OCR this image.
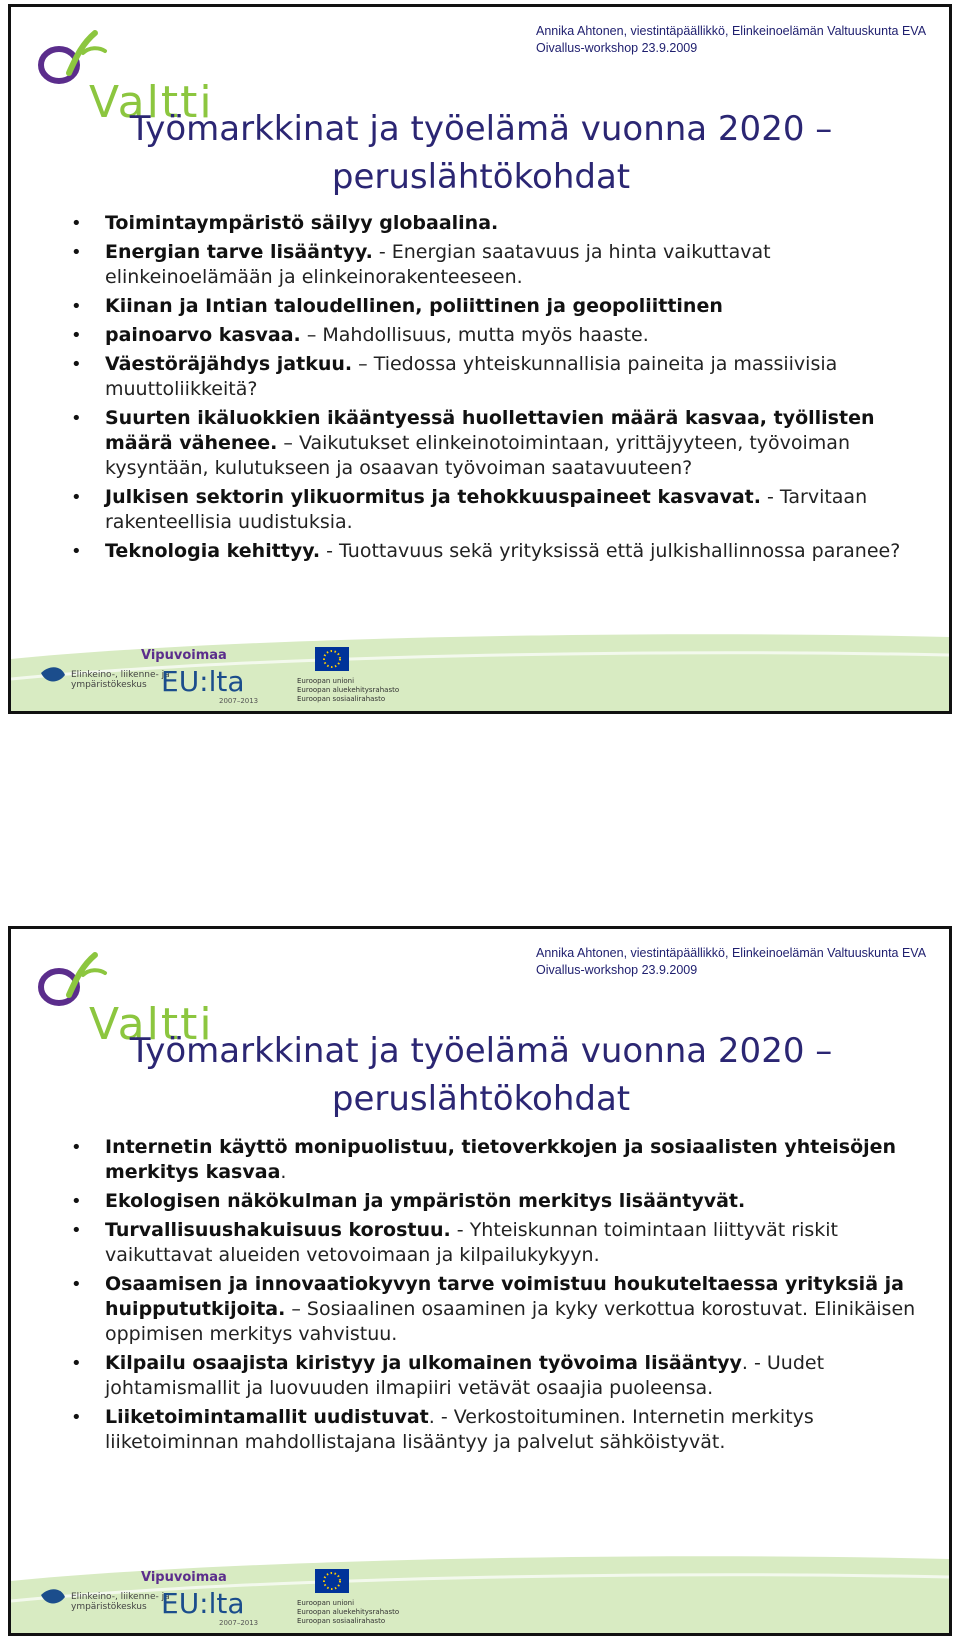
Annika Ahtonen, viestintäpäällikkö, Elinkeinoelämän Valtuuskunta EVA
Oivallus-workshop 23.9.2009
Valtti
Työmarkkinat ja työelämä vuonna 2020 –
peruslähtökohdat
• Toimintaympäristö säilyy globaalina.
• Energian tarve lisääntyy. - Energian saatavuus ja hinta vaikuttavat elinkeinoelämään ja elinkeinorakenteeseen.
• Kiinan ja Intian taloudellinen, poliittinen ja geopoliittinen
• painoarvo kasvaa. – Mahdollisuus, mutta myös haaste.
• Väestöräjähdys jatkuu. – Tiedossa yhteiskunnallisia paineita ja massiivisia muuttoliikkeitä?
• Suurten ikäluokkien ikääntyessä huollettavien määrä kasvaa, työllisten määrä vähenee. – Vaikutukset elinkeinotoimintaan, yrittäjyyteen, työvoiman kysyntään, kulutukseen ja osaavan työvoiman saatavuuteen?
• Julkisen sektorin ylikuormitus ja tehokkuuspaineet kasvavat. - Tarvitaan rakenteellisia uudistuksia.
• Teknologia kehittyy. - Tuottavuus sekä yrityksissä että julkishallinnossa paranee?
Elinkeino-, liikenne- ja
ympäristökeskus
Vipuvoimaa
EU:lta
2007–2013
Euroopan unioni
Euroopan aluekehitysrahasto
Euroopan sosiaalirahasto
Annika Ahtonen, viestintäpäällikkö, Elinkeinoelämän Valtuuskunta EVA
Oivallus-workshop 23.9.2009
Valtti
Työmarkkinat ja työelämä vuonna 2020 –
peruslähtökohdat
• Internetin käyttö monipuolistuu, tietoverkkojen ja sosiaalisten yhteisöjen merkitys kasvaa.
• Ekologisen näkökulman ja ympäristön merkitys lisääntyvät.
• Turvallisuushakuisuus korostuu. - Yhteiskunnan toimintaan liittyvät riskit vaikuttavat alueiden vetovoimaan ja kilpailukykyyn.
• Osaamisen ja innovaatiokyvyn tarve voimistuu houkuteltaessa yrityksiä ja huippututkijoita. – Sosiaalinen osaaminen ja kyky verkottua korostuvat. Elinikäisen oppimisen merkitys vahvistuu.
• Kilpailu osaajista kiristyy ja ulkomainen työvoima lisääntyy. - Uudet johtamismallit ja luovuuden ilmapiiri vetävät osaajia puoleensa.
• Liiketoimintamallit uudistuvat. - Verkostoituminen. Internetin merkitys liiketoiminnan mahdollistajana lisääntyy ja palvelut sähköistyvät.
Elinkeino-, liikenne- ja
ympäristökeskus
Vipuvoimaa
EU:lta
2007–2013
Euroopan unioni
Euroopan aluekehitysrahasto
Euroopan sosiaalirahasto
